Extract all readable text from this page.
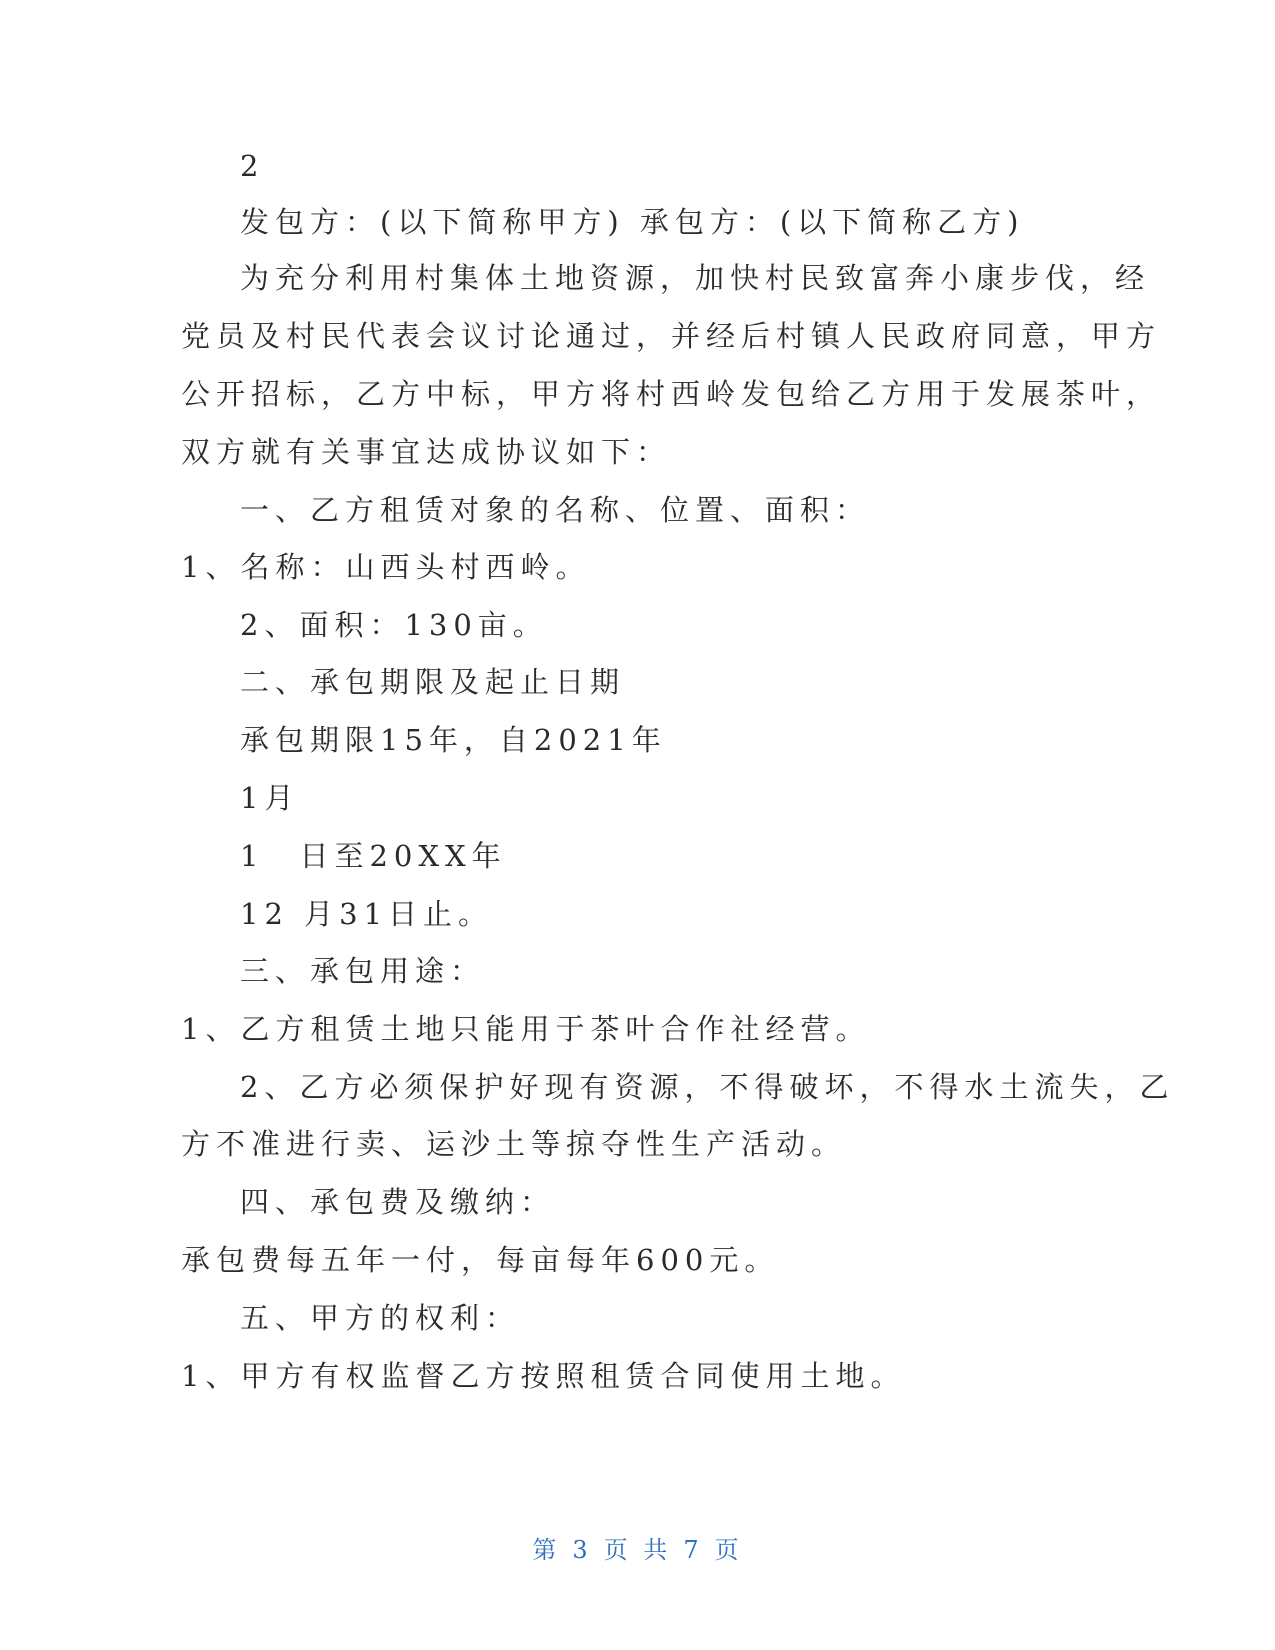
2
发包方：(以下简称甲方) 承包方：(以下简称乙方)
为充分利用村集体土地资源，加快村民致富奔小康步伐，经
党员及村民代表会议讨论通过，并经后村镇人民政府同意，甲方
公开招标，乙方中标，甲方将村西岭发包给乙方用于发展茶叶，
双方就有关事宜达成协议如下：
一、乙方租赁对象的名称、位置、面积：
1、名称：山西头村西岭。
2、面积：130亩。
二、承包期限及起止日期
承包期限15年，自2021年
1月
1　日至20XX年
12 月31日止。
三、承包用途：
1、乙方租赁土地只能用于茶叶合作社经营。
2、乙方必须保护好现有资源，不得破坏，不得水土流失，乙
方不准进行卖、运沙土等掠夺性生产活动。
四、承包费及缴纳：
承包费每五年一付，每亩每年600元。
五、甲方的权利：
1、甲方有权监督乙方按照租赁合同使用土地。
第 3 页 共 7 页
